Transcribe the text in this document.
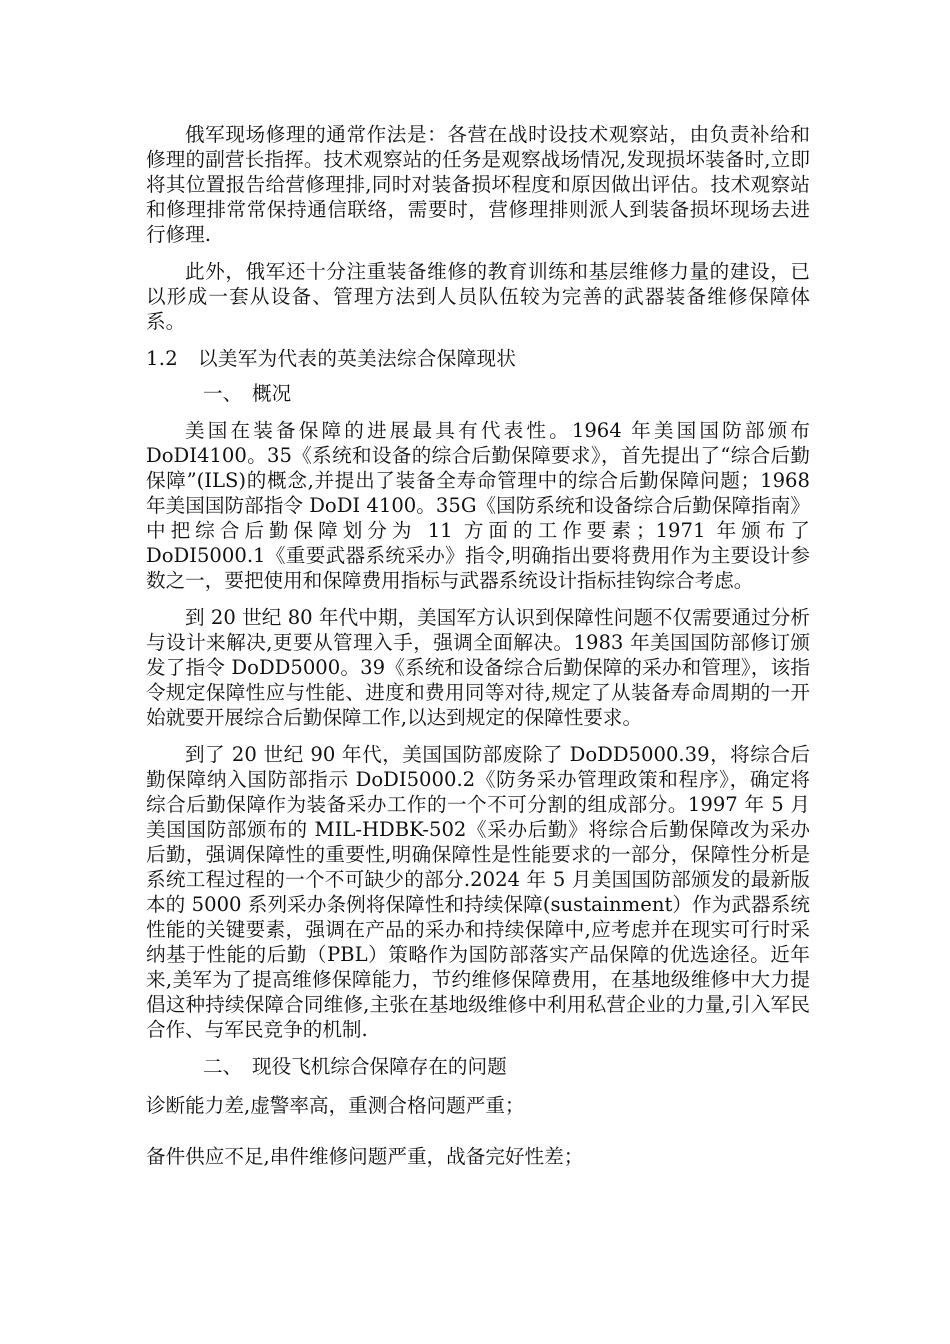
俄军现场修理的通常作法是：各营在战时设技术观察站，由负责补给和修理的副营长指挥。技术观察站的任务是观察战场情况,发现损坏装备时,立即将其位置报告给营修理排,同时对装备损坏程度和原因做出评估。技术观察站和修理排常常保持通信联络，需要时，营修理排则派人到装备损坏现场去进行修理.

此外，俄军还十分注重装备维修的教育训练和基层维修力量的建设，已以形成一套从设备、管理方法到人员队伍较为完善的武器装备维修保障体系。

1.2　以美军为代表的英美法综合保障现状

一、　概况

美国在装备保障的进展最具有代表性。1964 年美国国防部颁布DoDI4100。35《系统和设备的综合后勤保障要求》，首先提出了“综合后勤保障”(ILS)的概念,并提出了装备全寿命管理中的综合后勤保障问题；1968 年美国国防部指令 DoDI 4100。35G《国防系统和设备综合后勤保障指南》中把综合后勤保障划分为 11 方面的工作要素；1971 年颁布了 DoDI5000.1《重要武器系统采办》指令,明确指出要将费用作为主要设计参数之一，要把使用和保障费用指标与武器系统设计指标挂钩综合考虑。

到 20 世纪 80 年代中期，美国军方认识到保障性问题不仅需要通过分析与设计来解决,更要从管理入手，强调全面解决。1983 年美国国防部修订颁发了指令 DoDD5000。39《系统和设备综合后勤保障的采办和管理》，该指令规定保障性应与性能、进度和费用同等对待,规定了从装备寿命周期的一开始就要开展综合后勤保障工作,以达到规定的保障性要求。

到了 20 世纪 90 年代，美国国防部废除了 DoDD5000.39，将综合后勤保障纳入国防部指示 DoDI5000.2《防务采办管理政策和程序》，确定将综合后勤保障作为装备采办工作的一个不可分割的组成部分。1997 年 5 月美国国防部颁布的 MIL-HDBK-502《采办后勤》将综合后勤保障改为采办后勤，强调保障性的重要性,明确保障性是性能要求的一部分，保障性分析是系统工程过程的一个不可缺少的部分.2024 年 5 月美国国防部颁发的最新版本的 5000 系列采办条例将保障性和持续保障(sustainment）作为武器系统性能的关键要素，强调在产品的采办和持续保障中,应考虑并在现实可行时采纳基于性能的后勤（PBL）策略作为国防部落实产品保障的优选途径。近年来,美军为了提高维修保障能力，节约维修保障费用，在基地级维修中大力提倡这种持续保障合同维修,主张在基地级维修中利用私营企业的力量,引入军民合作、与军民竞争的机制.

二、　现役飞机综合保障存在的问题

诊断能力差,虚警率高，重测合格问题严重；

备件供应不足,串件维修问题严重，战备完好性差；
